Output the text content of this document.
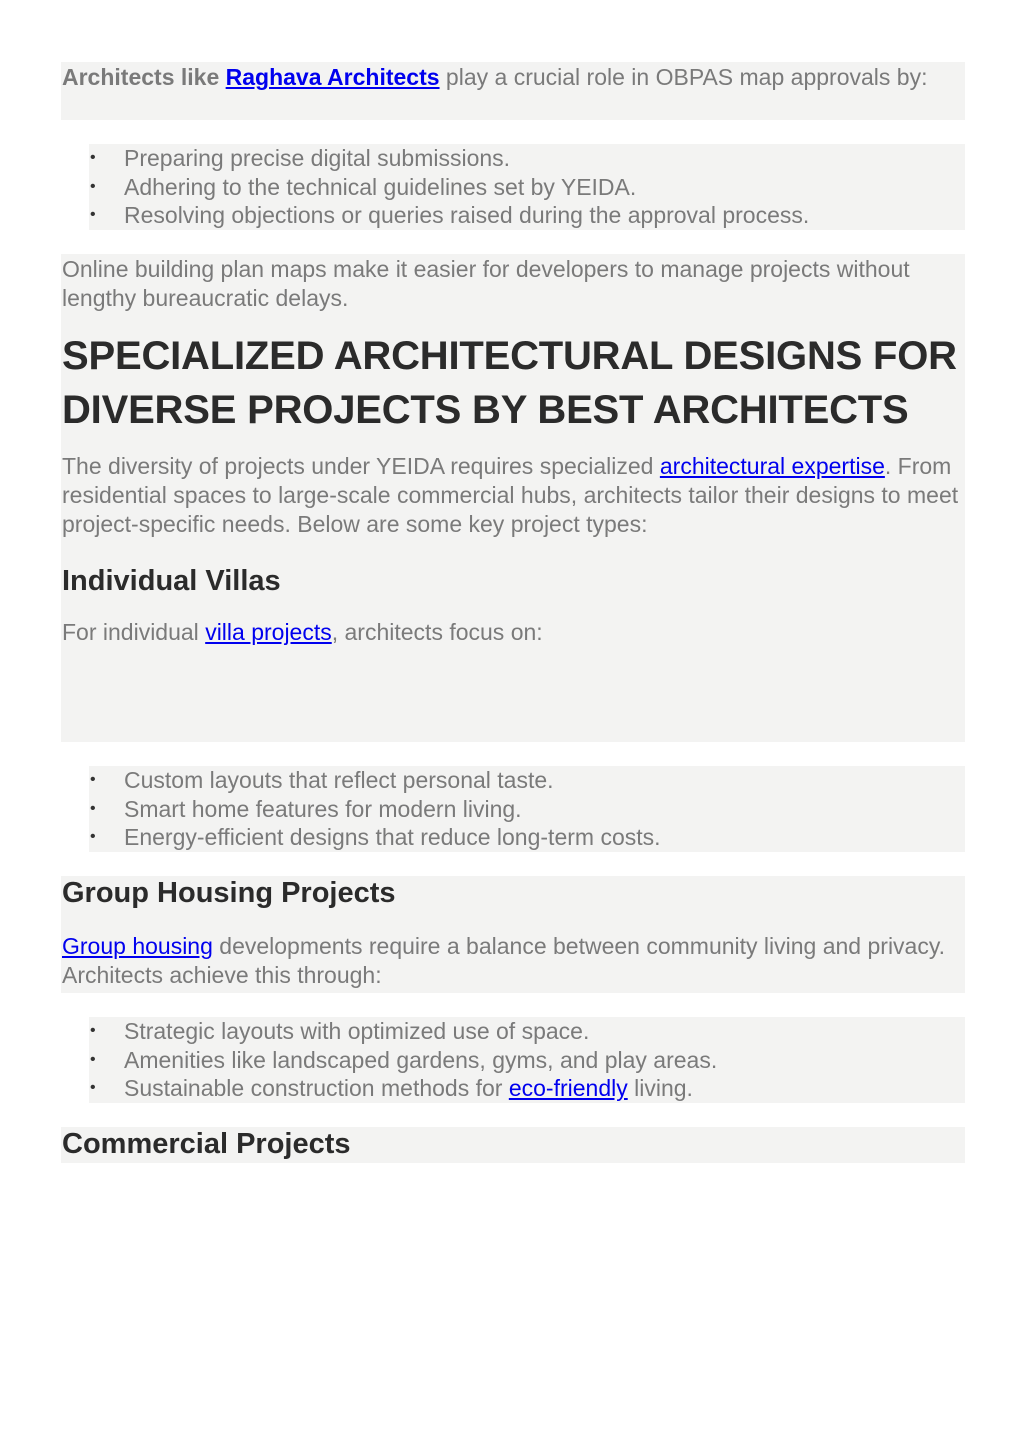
Architects like Raghava Architects play a crucial role in OBPAS map approvals by:

• Preparing precise digital submissions.
• Adhering to the technical guidelines set by YEIDA.
• Resolving objections or queries raised during the approval process.

Online building plan maps make it easier for developers to manage projects without lengthy bureaucratic delays.

SPECIALIZED ARCHITECTURAL DESIGNS FOR DIVERSE PROJECTS BY BEST ARCHITECTS

The diversity of projects under YEIDA requires specialized architectural expertise. From residential spaces to large-scale commercial hubs, architects tailor their designs to meet project-specific needs. Below are some key project types:

Individual Villas

For individual villa projects, architects focus on:

• Custom layouts that reflect personal taste.
• Smart home features for modern living.
• Energy-efficient designs that reduce long-term costs.
Group Housing Projects

Group housing developments require a balance between community living and privacy. Architects achieve this through:

• Strategic layouts with optimized use of space.
• Amenities like landscaped gardens, gyms, and play areas.
• Sustainable construction methods for eco-friendly living.
Commercial Projects
